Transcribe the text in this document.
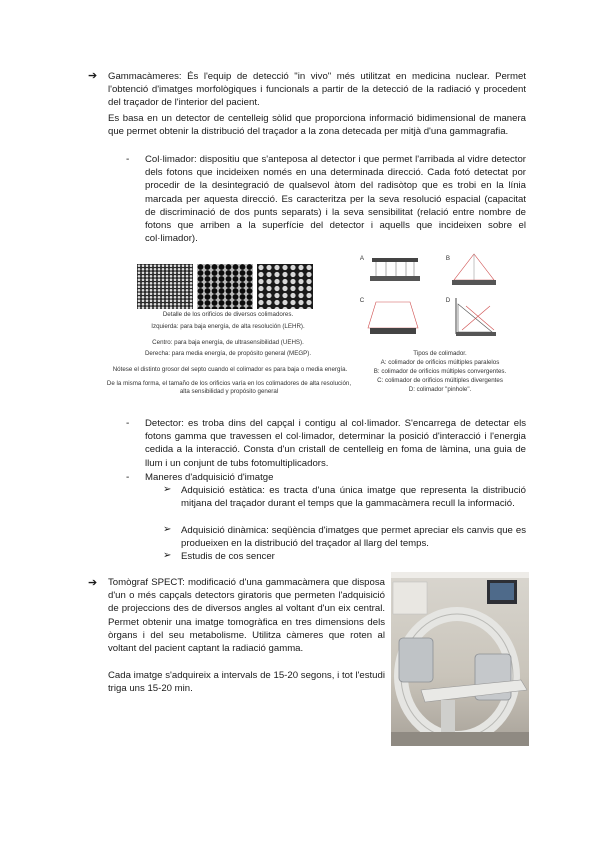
➔ Gammacàmeres: És l'equip de detecció "in vivo" més utilitzat en medicina nuclear. Permet l'obtenció d'imatges morfològiques i funcionals a partir de la detecció de la radiació γ procedent del traçador de l'interior del pacient.
Es basa en un detector de centelleig sòlid que proporciona informació bidimensional de manera que permet obtenir la distribució del traçador a la zona detecada per mitjà d'una gammagrafia.
- Col·limador: dispositiu que s'anteposa al detector i que permet l'arribada al vidre detector dels fotons que incideixen només en una determinada direcció. Cada fotó detectat por procedir de la desintegració de qualsevol àtom del radisòtop que es trobi en la línia marcada per aquesta direcció. Es caracteritza per la seva resolució espacial (capacitat de discriminació de dos punts separats) i la seva sensibilitat (relació entre nombre de fotons que arriben a la superfície del detector i aquells que incideixen sobre el col·limador).
Detalle de los orificios de diversos colimadores.
Izquierda: para baja energía, de alta resolución (LEHR).
Centro: para baja energía, de ultrasensibilidad (UEHS).
Derecha: para media energía, de propósito general (MEGP).
Nótese el distinto grosor del septo cuando el colimador es para baja o media energía.
De la misma forma, el tamaño de los orificios varía en los colimadores de alta resolución, alta sensibilidad y propósito general
A	B
C	D
Tipos de colimador.
A: colimador de orificios múltiples paralelos
B: colimador de orificios múltiples convergentes.
C: colimador de orificios múltiples divergentes
D: colimador "pinhole".
- Detector: es troba dins del capçal i contigu al col·limador. S'encarrega de detectar els fotons gamma que travessen el col·limador, determinar la posició d'interacció i l'energia cedida a la interacció. Consta d'un cristall de centelleig en foma de làmina, una guia de llum i un conjunt de tubs fotomultiplicadors.
- Maneres d'adquisició d'imatge
➢ Adquisició estàtica: es tracta d'una única imatge que representa la distribució mitjana del traçador durant el temps que la gammacàmera recull la informació.
➢ Adquisició dinàmica: seqüència d'imatges que permet apreciar els canvis que es produeixen en la distribució del traçador al llarg del temps.
➢ Estudis de cos sencer
➔ Tomògraf SPECT: modificació d'una gammacàmera que disposa d'un o més capçals detectors giratoris que permeten l'adquisició de projeccions des de diversos angles al voltant d'un eix central. Permet obtenir una imatge tomogràfica en tres dimensions dels òrgans i del seu metabolisme. Utilitza càmeres que roten al voltant del pacient captant la radiació gamma.
Cada imatge s'adquireix a intervals de 15-20 segons, i tot l'estudi triga uns 15-20 min.
